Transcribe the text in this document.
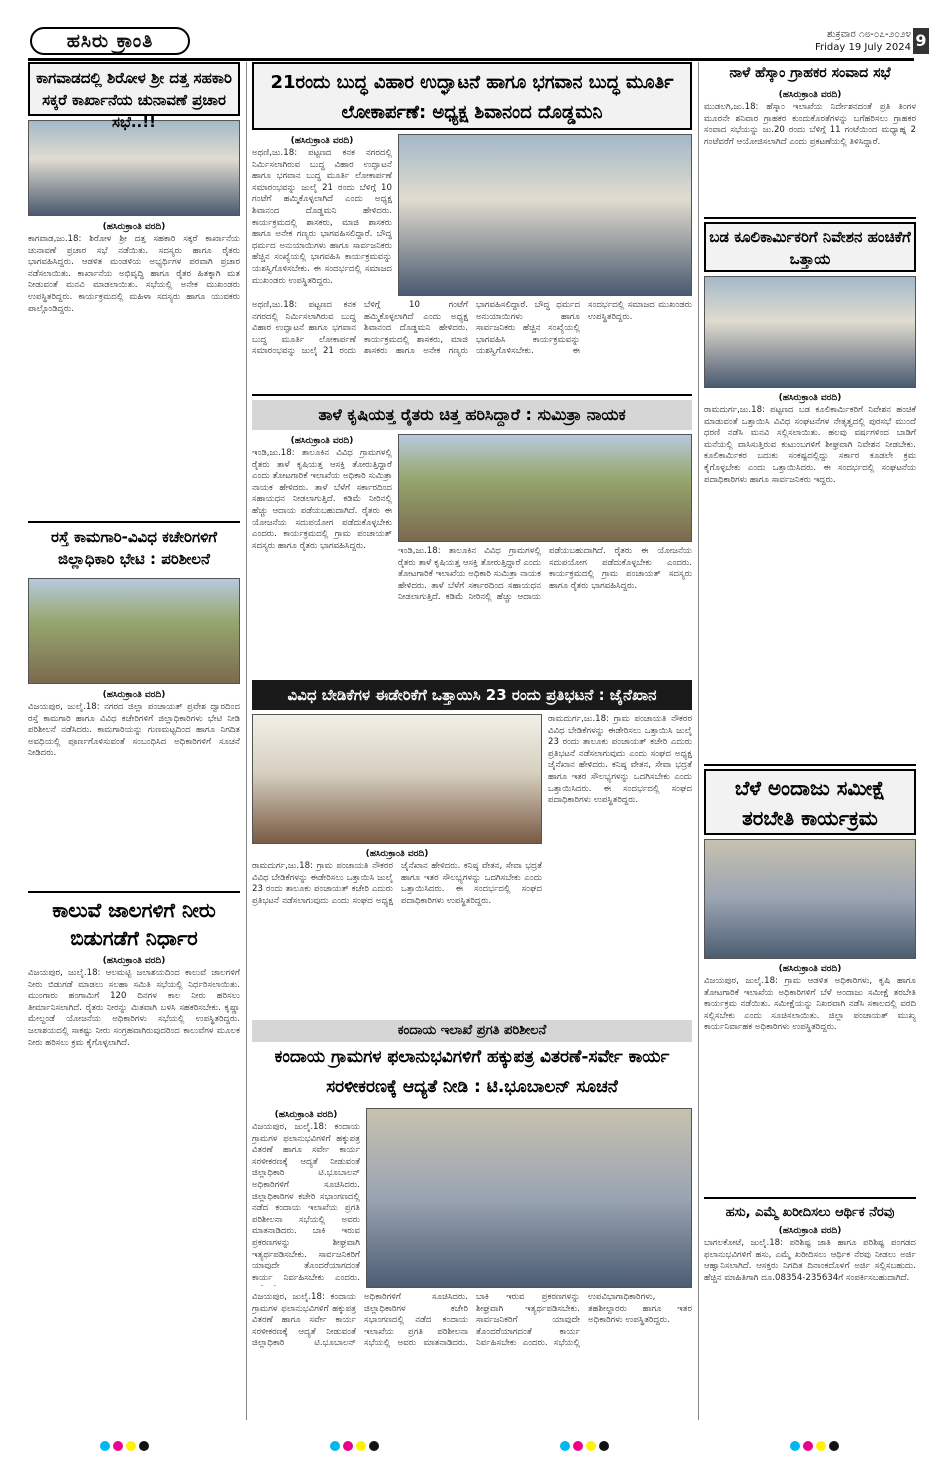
ಹಸಿರು ಕ್ರಾಂತಿ	ಶುಕ್ರವಾರ ೧೮-೦೭-೨೦೨೪
Friday 19 July 2024 9
ಕಾಗವಾಡದಲ್ಲಿ ಶಿರೋಳ ಶ್ರೀ ದತ್ತ ಸಹಕಾರಿ ಸಕ್ಕರೆ ಕಾರ್ಖಾನೆಯ ಚುನಾವಣೆ ಪ್ರಚಾರ ಸಭೆ..!!
(ಹಸಿರುಕ್ರಾಂತಿ ವರದಿ)
ಕಾಗವಾಡ,ಜು.18: ಶಿರೋಳ ಶ್ರೀ ದತ್ತ ಸಹಕಾರಿ ಸಕ್ಕರೆ ಕಾರ್ಖಾನೆಯ ಚುನಾವಣೆ ಪ್ರಚಾರ ಸಭೆ ನಡೆಯಿತು. ಸದಸ್ಯರು ಹಾಗೂ ರೈತರು ಭಾಗವಹಿಸಿದ್ದರು. ಆಡಳಿತ ಮಂಡಳಿಯ ಅಭ್ಯರ್ಥಿಗಳ ಪರವಾಗಿ ಪ್ರಚಾರ ನಡೆಸಲಾಯಿತು. ಕಾರ್ಖಾನೆಯ ಅಭಿವೃದ್ಧಿ ಹಾಗೂ ರೈತರ ಹಿತಕ್ಕಾಗಿ ಮತ ನೀಡುವಂತೆ ಮನವಿ ಮಾಡಲಾಯಿತು. ಸಭೆಯಲ್ಲಿ ಅನೇಕ ಮುಖಂಡರು ಉಪಸ್ಥಿತರಿದ್ದರು. ಕಾರ್ಯಕ್ರಮದಲ್ಲಿ ಮಹಿಳಾ ಸದಸ್ಯರು ಹಾಗೂ ಯುವಕರು ಪಾಲ್ಗೊಂಡಿದ್ದರು.
ರಸ್ತೆ ಕಾಮಗಾರಿ-ವಿವಿಧ ಕಚೇರಿಗಳಿಗೆ ಜಿಲ್ಲಾಧಿಕಾರಿ ಭೇಟಿ : ಪರಿಶೀಲನೆ
(ಹಸಿರುಕ್ರಾಂತಿ ವರದಿ)
ವಿಜಯಪುರ, ಜುಲೈ.18: ನಗರದ ಜಿಲ್ಲಾ ಪಂಚಾಯತ್ ಪ್ರವೇಶ ದ್ವಾರದಿಂದ ರಸ್ತೆ ಕಾಮಗಾರಿ ಹಾಗೂ ವಿವಿಧ ಕಚೇರಿಗಳಿಗೆ ಜಿಲ್ಲಾಧಿಕಾರಿಗಳು ಭೇಟಿ ನೀಡಿ ಪರಿಶೀಲನೆ ನಡೆಸಿದರು. ಕಾಮಗಾರಿಯನ್ನು ಗುಣಮಟ್ಟದಿಂದ ಹಾಗೂ ನಿಗದಿತ ಅವಧಿಯಲ್ಲಿ ಪೂರ್ಣಗೊಳಿಸುವಂತೆ ಸಂಬಂಧಿಸಿದ ಅಧಿಕಾರಿಗಳಿಗೆ ಸೂಚನೆ ನೀಡಿದರು.
ಕಾಲುವೆ ಜಾಲಗಳಿಗೆ ನೀರು ಬಿಡುಗಡೆಗೆ ನಿರ್ಧಾರ
(ಹಸಿರುಕ್ರಾಂತಿ ವರದಿ)
ವಿಜಯಪುರ, ಜುಲೈ.18: ಆಲಮಟ್ಟಿ ಜಲಾಶಯದಿಂದ ಕಾಲುವೆ ಜಾಲಗಳಿಗೆ ನೀರು ಬಿಡುಗಡೆ ಮಾಡಲು ಸಲಹಾ ಸಮಿತಿ ಸಭೆಯಲ್ಲಿ ನಿರ್ಧರಿಸಲಾಯಿತು. ಮುಂಗಾರು ಹಂಗಾಮಿಗೆ 120 ದಿನಗಳ ಕಾಲ ನೀರು ಹರಿಸಲು ತೀರ್ಮಾನಿಸಲಾಗಿದೆ. ರೈತರು ನೀರನ್ನು ಮಿತವಾಗಿ ಬಳಸಿ ಸಹಕರಿಸಬೇಕು. ಕೃಷ್ಣಾ ಮೇಲ್ದಂಡೆ ಯೋಜನೆಯ ಅಧಿಕಾರಿಗಳು ಸಭೆಯಲ್ಲಿ ಉಪಸ್ಥಿತರಿದ್ದರು. ಜಲಾಶಯದಲ್ಲಿ ಸಾಕಷ್ಟು ನೀರು ಸಂಗ್ರಹವಾಗಿರುವುದರಿಂದ ಕಾಲುವೆಗಳ ಮೂಲಕ ನೀರು ಹರಿಸಲು ಕ್ರಮ ಕೈಗೊಳ್ಳಲಾಗಿದೆ.
21ರಂದು ಬುದ್ಧ ವಿಹಾರ ಉದ್ಘಾಟನೆ ಹಾಗೂ ಭಗವಾನ ಬುದ್ಧ ಮೂರ್ತಿ ಲೋಕಾರ್ಪಣೆ: ಅಧ್ಯಕ್ಷ ಶಿವಾನಂದ ದೊಡ್ಡಮನಿ
(ಹಸಿರುಕ್ರಾಂತಿ ವರದಿ)
ಅಥಣಿ,ಜು.18: ಪಟ್ಟಣದ ಕನಕ ನಗರದಲ್ಲಿ ನಿರ್ಮಿಸಲಾಗಿರುವ ಬುದ್ಧ ವಿಹಾರ ಉದ್ಘಾಟನೆ ಹಾಗೂ ಭಗವಾನ ಬುದ್ಧ ಮೂರ್ತಿ ಲೋಕಾರ್ಪಣೆ ಸಮಾರಂಭವನ್ನು ಜುಲೈ 21 ರಂದು ಬೆಳಿಗ್ಗೆ 10 ಗಂಟೆಗೆ ಹಮ್ಮಿಕೊಳ್ಳಲಾಗಿದೆ ಎಂದು ಅಧ್ಯಕ್ಷ ಶಿವಾನಂದ ದೊಡ್ಡಮನಿ ಹೇಳಿದರು. ಕಾರ್ಯಕ್ರಮದಲ್ಲಿ ಶಾಸಕರು, ಮಾಜಿ ಶಾಸಕರು ಹಾಗೂ ಅನೇಕ ಗಣ್ಯರು ಭಾಗವಹಿಸಲಿದ್ದಾರೆ. ಬೌದ್ಧ ಧರ್ಮದ ಅನುಯಾಯಿಗಳು ಹಾಗೂ ಸಾರ್ವಜನಿಕರು ಹೆಚ್ಚಿನ ಸಂಖ್ಯೆಯಲ್ಲಿ ಭಾಗವಹಿಸಿ ಕಾರ್ಯಕ್ರಮವನ್ನು ಯಶಸ್ವಿಗೊಳಿಸಬೇಕು. ಈ ಸಂದರ್ಭದಲ್ಲಿ ಸಮಾಜದ ಮುಖಂಡರು ಉಪಸ್ಥಿತರಿದ್ದರು.
ಅಥಣಿ,ಜು.18: ಪಟ್ಟಣದ ಕನಕ ನಗರದಲ್ಲಿ ನಿರ್ಮಿಸಲಾಗಿರುವ ಬುದ್ಧ ವಿಹಾರ ಉದ್ಘಾಟನೆ ಹಾಗೂ ಭಗವಾನ ಬುದ್ಧ ಮೂರ್ತಿ ಲೋಕಾರ್ಪಣೆ ಸಮಾರಂಭವನ್ನು ಜುಲೈ 21 ರಂದು ಬೆಳಿಗ್ಗೆ 10 ಗಂಟೆಗೆ ಹಮ್ಮಿಕೊಳ್ಳಲಾಗಿದೆ ಎಂದು ಅಧ್ಯಕ್ಷ ಶಿವಾನಂದ ದೊಡ್ಡಮನಿ ಹೇಳಿದರು. ಕಾರ್ಯಕ್ರಮದಲ್ಲಿ ಶಾಸಕರು, ಮಾಜಿ ಶಾಸಕರು ಹಾಗೂ ಅನೇಕ ಗಣ್ಯರು ಭಾಗವಹಿಸಲಿದ್ದಾರೆ. ಬೌದ್ಧ ಧರ್ಮದ ಅನುಯಾಯಿಗಳು ಹಾಗೂ ಸಾರ್ವಜನಿಕರು ಹೆಚ್ಚಿನ ಸಂಖ್ಯೆಯಲ್ಲಿ ಭಾಗವಹಿಸಿ ಕಾರ್ಯಕ್ರಮವನ್ನು ಯಶಸ್ವಿಗೊಳಿಸಬೇಕು. ಈ ಸಂದರ್ಭದಲ್ಲಿ ಸಮಾಜದ ಮುಖಂಡರು ಉಪಸ್ಥಿತರಿದ್ದರು.
ತಾಳೆ ಕೃಷಿಯತ್ತ ರೈತರು ಚಿತ್ತ ಹರಿಸಿದ್ದಾರೆ : ಸುಮಿತ್ರಾ ನಾಯಕ
(ಹಸಿರುಕ್ರಾಂತಿ ವರದಿ)
ಇಂಡಿ,ಜು.18: ತಾಲೂಕಿನ ವಿವಿಧ ಗ್ರಾಮಗಳಲ್ಲಿ ರೈತರು ತಾಳೆ ಕೃಷಿಯತ್ತ ಆಸಕ್ತಿ ತೋರುತ್ತಿದ್ದಾರೆ ಎಂದು ತೋಟಗಾರಿಕೆ ಇಲಾಖೆಯ ಅಧಿಕಾರಿ ಸುಮಿತ್ರಾ ನಾಯಕ ಹೇಳಿದರು. ತಾಳೆ ಬೆಳೆಗೆ ಸರ್ಕಾರದಿಂದ ಸಹಾಯಧನ ನೀಡಲಾಗುತ್ತಿದೆ. ಕಡಿಮೆ ನೀರಿನಲ್ಲಿ ಹೆಚ್ಚು ಆದಾಯ ಪಡೆಯಬಹುದಾಗಿದೆ. ರೈತರು ಈ ಯೋಜನೆಯ ಸದುಪಯೋಗ ಪಡೆದುಕೊಳ್ಳಬೇಕು ಎಂದರು. ಕಾರ್ಯಕ್ರಮದಲ್ಲಿ ಗ್ರಾಮ ಪಂಚಾಯತ್ ಸದಸ್ಯರು ಹಾಗೂ ರೈತರು ಭಾಗವಹಿಸಿದ್ದರು.
ಇಂಡಿ,ಜು.18: ತಾಲೂಕಿನ ವಿವಿಧ ಗ್ರಾಮಗಳಲ್ಲಿ ರೈತರು ತಾಳೆ ಕೃಷಿಯತ್ತ ಆಸಕ್ತಿ ತೋರುತ್ತಿದ್ದಾರೆ ಎಂದು ತೋಟಗಾರಿಕೆ ಇಲಾಖೆಯ ಅಧಿಕಾರಿ ಸುಮಿತ್ರಾ ನಾಯಕ ಹೇಳಿದರು. ತಾಳೆ ಬೆಳೆಗೆ ಸರ್ಕಾರದಿಂದ ಸಹಾಯಧನ ನೀಡಲಾಗುತ್ತಿದೆ. ಕಡಿಮೆ ನೀರಿನಲ್ಲಿ ಹೆಚ್ಚು ಆದಾಯ ಪಡೆಯಬಹುದಾಗಿದೆ. ರೈತರು ಈ ಯೋಜನೆಯ ಸದುಪಯೋಗ ಪಡೆದುಕೊಳ್ಳಬೇಕು ಎಂದರು. ಕಾರ್ಯಕ್ರಮದಲ್ಲಿ ಗ್ರಾಮ ಪಂಚಾಯತ್ ಸದಸ್ಯರು ಹಾಗೂ ರೈತರು ಭಾಗವಹಿಸಿದ್ದರು.
ವಿವಿಧ ಬೇಡಿಕೆಗಳ ಈಡೇರಿಕೆಗೆ ಒತ್ತಾಯಿಸಿ 23 ರಂದು ಪ್ರತಿಭಟನೆ : ಜೈನೆಖಾನ
(ಹಸಿರುಕ್ರಾಂತಿ ವರದಿ)
ರಾಮದುರ್ಗ,ಜು.18: ಗ್ರಾಮ ಪಂಚಾಯತಿ ನೌಕರರ ವಿವಿಧ ಬೇಡಿಕೆಗಳನ್ನು ಈಡೇರಿಸಲು ಒತ್ತಾಯಿಸಿ ಜುಲೈ 23 ರಂದು ತಾಲೂಕು ಪಂಚಾಯತ್ ಕಚೇರಿ ಎದುರು ಪ್ರತಿಭಟನೆ ನಡೆಸಲಾಗುವುದು ಎಂದು ಸಂಘದ ಅಧ್ಯಕ್ಷ ಜೈನೆಖಾನ ಹೇಳಿದರು. ಕನಿಷ್ಠ ವೇತನ, ಸೇವಾ ಭದ್ರತೆ ಹಾಗೂ ಇತರ ಸೌಲಭ್ಯಗಳನ್ನು ಒದಗಿಸಬೇಕು ಎಂದು ಒತ್ತಾಯಿಸಿದರು. ಈ ಸಂದರ್ಭದಲ್ಲಿ ಸಂಘದ ಪದಾಧಿಕಾರಿಗಳು ಉಪಸ್ಥಿತರಿದ್ದರು.
ರಾಮದುರ್ಗ,ಜು.18: ಗ್ರಾಮ ಪಂಚಾಯತಿ ನೌಕರರ ವಿವಿಧ ಬೇಡಿಕೆಗಳನ್ನು ಈಡೇರಿಸಲು ಒತ್ತಾಯಿಸಿ ಜುಲೈ 23 ರಂದು ತಾಲೂಕು ಪಂಚಾಯತ್ ಕಚೇರಿ ಎದುರು ಪ್ರತಿಭಟನೆ ನಡೆಸಲಾಗುವುದು ಎಂದು ಸಂಘದ ಅಧ್ಯಕ್ಷ ಜೈನೆಖಾನ ಹೇಳಿದರು. ಕನಿಷ್ಠ ವೇತನ, ಸೇವಾ ಭದ್ರತೆ ಹಾಗೂ ಇತರ ಸೌಲಭ್ಯಗಳನ್ನು ಒದಗಿಸಬೇಕು ಎಂದು ಒತ್ತಾಯಿಸಿದರು. ಈ ಸಂದರ್ಭದಲ್ಲಿ ಸಂಘದ ಪದಾಧಿಕಾರಿಗಳು ಉಪಸ್ಥಿತರಿದ್ದರು.
ಕಂದಾಯ ಇಲಾಖೆ ಪ್ರಗತಿ ಪರಿಶೀಲನೆ
ಕಂದಾಯ ಗ್ರಾಮಗಳ ಫಲಾನುಭವಿಗಳಿಗೆ ಹಕ್ಕುಪತ್ರ ವಿತರಣೆ-ಸರ್ವೇ ಕಾರ್ಯ ಸರಳೀಕರಣಕ್ಕೆ ಆದ್ಯತೆ ನೀಡಿ : ಟಿ.ಭೂಬಾಲನ್ ಸೂಚನೆ
(ಹಸಿರುಕ್ರಾಂತಿ ವರದಿ)
ವಿಜಯಪುರ, ಜುಲೈ.18: ಕಂದಾಯ ಗ್ರಾಮಗಳ ಫಲಾನುಭವಿಗಳಿಗೆ ಹಕ್ಕುಪತ್ರ ವಿತರಣೆ ಹಾಗೂ ಸರ್ವೇ ಕಾರ್ಯ ಸರಳೀಕರಣಕ್ಕೆ ಆದ್ಯತೆ ನೀಡುವಂತೆ ಜಿಲ್ಲಾಧಿಕಾರಿ ಟಿ.ಭೂಬಾಲನ್ ಅಧಿಕಾರಿಗಳಿಗೆ ಸೂಚಿಸಿದರು. ಜಿಲ್ಲಾಧಿಕಾರಿಗಳ ಕಚೇರಿ ಸಭಾಂಗಣದಲ್ಲಿ ನಡೆದ ಕಂದಾಯ ಇಲಾಖೆಯ ಪ್ರಗತಿ ಪರಿಶೀಲನಾ ಸಭೆಯಲ್ಲಿ ಅವರು ಮಾತನಾಡಿದರು. ಬಾಕಿ ಇರುವ ಪ್ರಕರಣಗಳನ್ನು ಶೀಘ್ರವಾಗಿ ಇತ್ಯರ್ಥಪಡಿಸಬೇಕು. ಸಾರ್ವಜನಿಕರಿಗೆ ಯಾವುದೇ ತೊಂದರೆಯಾಗದಂತೆ ಕಾರ್ಯ ನಿರ್ವಹಿಸಬೇಕು ಎಂದರು.
ವಿಜಯಪುರ, ಜುಲೈ.18: ಕಂದಾಯ ಗ್ರಾಮಗಳ ಫಲಾನುಭವಿಗಳಿಗೆ ಹಕ್ಕುಪತ್ರ ವಿತರಣೆ ಹಾಗೂ ಸರ್ವೇ ಕಾರ್ಯ ಸರಳೀಕರಣಕ್ಕೆ ಆದ್ಯತೆ ನೀಡುವಂತೆ ಜಿಲ್ಲಾಧಿಕಾರಿ ಟಿ.ಭೂಬಾಲನ್ ಅಧಿಕಾರಿಗಳಿಗೆ ಸೂಚಿಸಿದರು. ಜಿಲ್ಲಾಧಿಕಾರಿಗಳ ಕಚೇರಿ ಸಭಾಂಗಣದಲ್ಲಿ ನಡೆದ ಕಂದಾಯ ಇಲಾಖೆಯ ಪ್ರಗತಿ ಪರಿಶೀಲನಾ ಸಭೆಯಲ್ಲಿ ಅವರು ಮಾತನಾಡಿದರು. ಬಾಕಿ ಇರುವ ಪ್ರಕರಣಗಳನ್ನು ಶೀಘ್ರವಾಗಿ ಇತ್ಯರ್ಥಪಡಿಸಬೇಕು. ಸಾರ್ವಜನಿಕರಿಗೆ ಯಾವುದೇ ತೊಂದರೆಯಾಗದಂತೆ ಕಾರ್ಯ ನಿರ್ವಹಿಸಬೇಕು ಎಂದರು. ಸಭೆಯಲ್ಲಿ ಉಪವಿಭಾಗಾಧಿಕಾರಿಗಳು, ತಹಶೀಲ್ದಾರರು ಹಾಗೂ ಇತರ ಅಧಿಕಾರಿಗಳು ಉಪಸ್ಥಿತರಿದ್ದರು.
ನಾಳೆ ಹೆಸ್ಕಾಂ ಗ್ರಾಹಕರ ಸಂವಾದ ಸಭೆ
(ಹಸಿರುಕ್ರಾಂತಿ ವರದಿ)
ಮುಡಲಗಿ,ಜು.18: ಹೆಸ್ಕಾಂ ಇಲಾಖೆಯ ನಿರ್ದೇಶನದಂತೆ ಪ್ರತಿ ತಿಂಗಳ ಮೂರನೇ ಶನಿವಾರ ಗ್ರಾಹಕರ ಕುಂದುಕೊರತೆಗಳನ್ನು ಬಗೆಹರಿಸಲು ಗ್ರಾಹಕರ ಸಂವಾದ ಸಭೆಯನ್ನು ಜು.20 ರಂದು ಬೆಳಿಗ್ಗೆ 11 ಗಂಟೆಯಿಂದ ಮಧ್ಯಾಹ್ನ 2 ಗಂಟೆವರೆಗೆ ಆಯೋಜಿಸಲಾಗಿದೆ ಎಂದು ಪ್ರಕಟಣೆಯಲ್ಲಿ ತಿಳಿಸಿದ್ದಾರೆ.
ಬಡ ಕೂಲಿಕಾರ್ಮಿಕರಿಗೆ ನಿವೇಶನ ಹಂಚಿಕೆಗೆ ಒತ್ತಾಯ
(ಹಸಿರುಕ್ರಾಂತಿ ವರದಿ)
ರಾಮದುರ್ಗ,ಜು.18: ಪಟ್ಟಣದ ಬಡ ಕೂಲಿಕಾರ್ಮಿಕರಿಗೆ ನಿವೇಶನ ಹಂಚಿಕೆ ಮಾಡುವಂತೆ ಒತ್ತಾಯಿಸಿ ವಿವಿಧ ಸಂಘಟನೆಗಳ ನೇತೃತ್ವದಲ್ಲಿ ಪುರಸಭೆ ಮುಂದೆ ಧರಣಿ ನಡೆಸಿ ಮನವಿ ಸಲ್ಲಿಸಲಾಯಿತು. ಹಲವು ವರ್ಷಗಳಿಂದ ಬಾಡಿಗೆ ಮನೆಯಲ್ಲಿ ವಾಸಿಸುತ್ತಿರುವ ಕುಟುಂಬಗಳಿಗೆ ಶೀಘ್ರವಾಗಿ ನಿವೇಶನ ನೀಡಬೇಕು. ಕೂಲಿಕಾರ್ಮಿಕರ ಬದುಕು ಸಂಕಷ್ಟದಲ್ಲಿದ್ದು ಸರ್ಕಾರ ಕೂಡಲೇ ಕ್ರಮ ಕೈಗೊಳ್ಳಬೇಕು ಎಂದು ಒತ್ತಾಯಿಸಿದರು. ಈ ಸಂದರ್ಭದಲ್ಲಿ ಸಂಘಟನೆಯ ಪದಾಧಿಕಾರಿಗಳು ಹಾಗೂ ಸಾರ್ವಜನಿಕರು ಇದ್ದರು.
ಬೆಳೆ ಅಂದಾಜು ಸಮೀಕ್ಷೆ ತರಬೇತಿ ಕಾರ್ಯಕ್ರಮ
(ಹಸಿರುಕ್ರಾಂತಿ ವರದಿ)
ವಿಜಯಪುರ, ಜುಲೈ.18: ಗ್ರಾಮ ಆಡಳಿತ ಅಧಿಕಾರಿಗಳು, ಕೃಷಿ ಹಾಗೂ ತೋಟಗಾರಿಕೆ ಇಲಾಖೆಯ ಅಧಿಕಾರಿಗಳಿಗೆ ಬೆಳೆ ಅಂದಾಜು ಸಮೀಕ್ಷೆ ತರಬೇತಿ ಕಾರ್ಯಕ್ರಮ ನಡೆಯಿತು. ಸಮೀಕ್ಷೆಯನ್ನು ನಿಖರವಾಗಿ ನಡೆಸಿ ಸಕಾಲದಲ್ಲಿ ವರದಿ ಸಲ್ಲಿಸಬೇಕು ಎಂದು ಸೂಚಿಸಲಾಯಿತು. ಜಿಲ್ಲಾ ಪಂಚಾಯತ್ ಮುಖ್ಯ ಕಾರ್ಯನಿರ್ವಾಹಕ ಅಧಿಕಾರಿಗಳು ಉಪಸ್ಥಿತರಿದ್ದರು.
ಹಸು, ಎಮ್ಮೆ ಖರೀದಿಸಲು ಆರ್ಥಿಕ ನೆರವು
(ಹಸಿರುಕ್ರಾಂತಿ ವರದಿ)
ಬಾಗಲಕೋಟೆ, ಜುಲೈ.18: ಪರಿಶಿಷ್ಟ ಜಾತಿ ಹಾಗೂ ಪರಿಶಿಷ್ಟ ಪಂಗಡದ ಫಲಾನುಭವಿಗಳಿಗೆ ಹಸು, ಎಮ್ಮೆ ಖರೀದಿಸಲು ಆರ್ಥಿಕ ನೆರವು ನೀಡಲು ಅರ್ಜಿ ಆಹ್ವಾನಿಸಲಾಗಿದೆ. ಆಸಕ್ತರು ನಿಗದಿತ ದಿನಾಂಕದೊಳಗೆ ಅರ್ಜಿ ಸಲ್ಲಿಸಬಹುದು. ಹೆಚ್ಚಿನ ಮಾಹಿತಿಗಾಗಿ ದೂ.08354-235634ಗೆ ಸಂಪರ್ಕಿಸಬಹುದಾಗಿದೆ.
